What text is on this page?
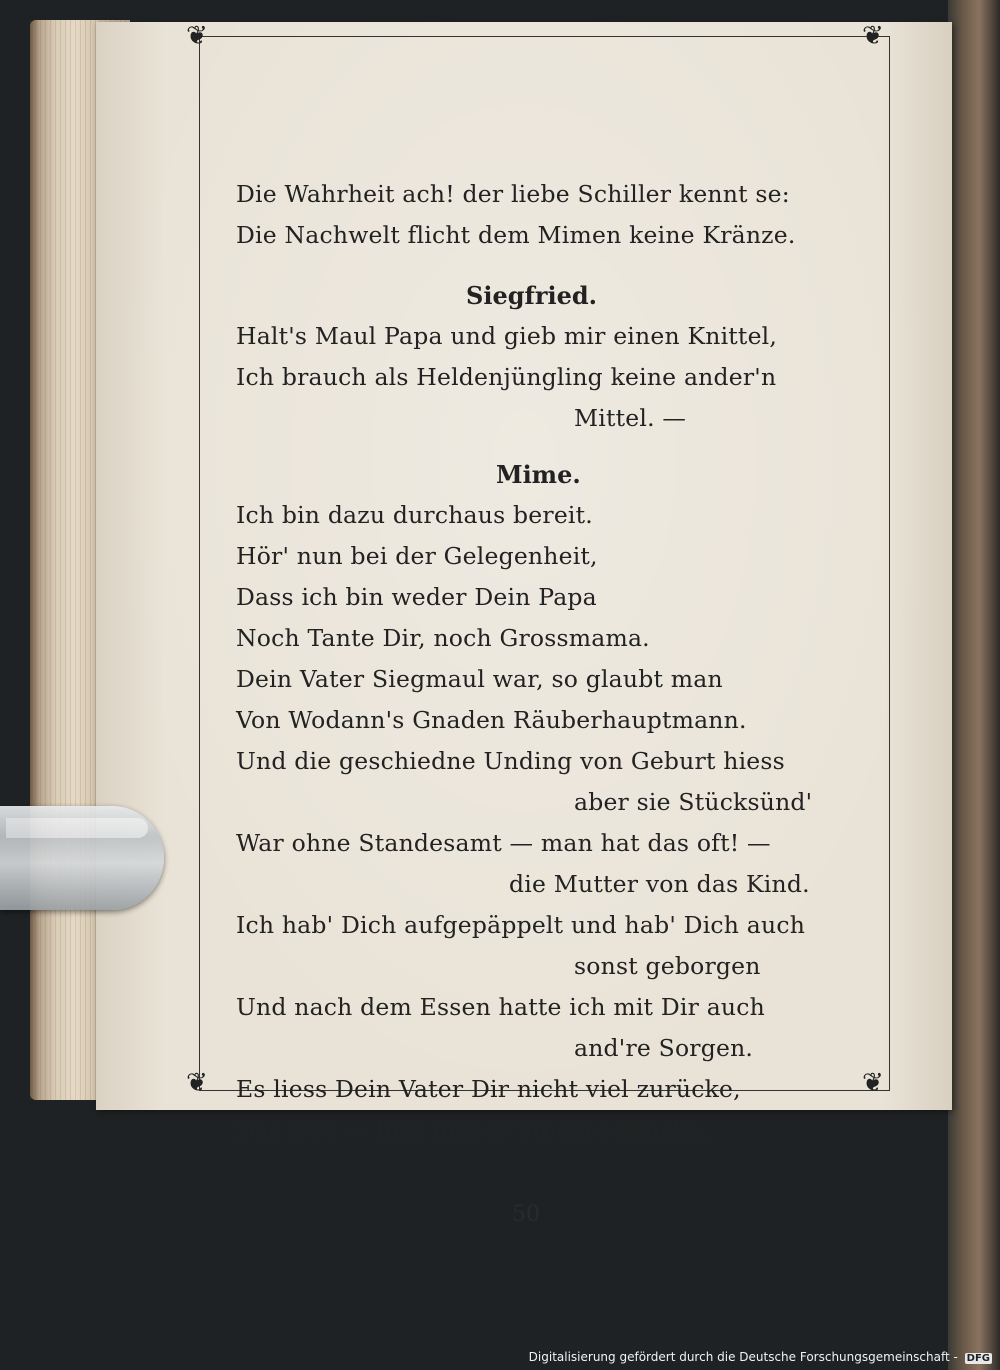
❦	❦
❦	❦
Die Wahrheit ach! der liebe Schiller kennt se:
Die Nachwelt flicht dem Mimen keine Kränze.
Siegfried.
Halt's Maul Papa und gieb mir einen Knittel,
Ich brauch als Heldenjüngling keine ander'n
Mittel. —
Mime.
Ich bin dazu durchaus bereit.
Hör' nun bei der Gelegenheit,
Dass ich bin weder Dein Papa
Noch Tante Dir, noch Grossmama.
Dein Vater Siegmaul war, so glaubt man
Von Wodann's Gnaden Räuberhauptmann.
Und die geschiedne Unding von Geburt hiess
aber sie Stücksünd'
War ohne Standesamt — man hat das oft! —
die Mutter von das Kind.
Ich hab' Dich aufgepäppelt und hab' Dich auch
sonst geborgen
Und nach dem Essen hatte ich mit Dir auch
and're Sorgen.
Es liess Dein Vater Dir nicht viel zurücke,
Das ist's — hier dieses Stockes Stücke.
50
Digitalisierung gefördert durch die Deutsche Forschungsgemeinschaft - DFG
